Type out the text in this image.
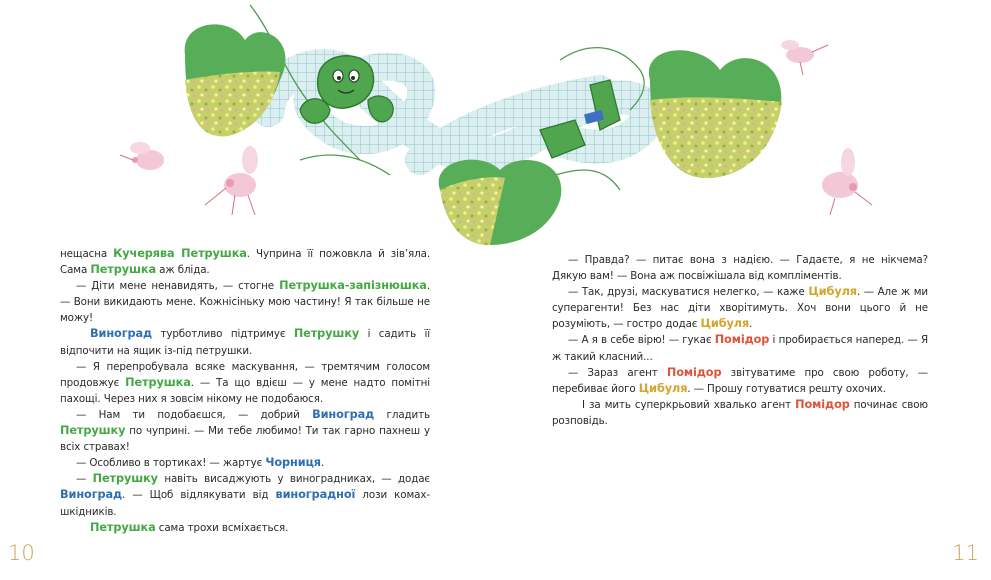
нещасна Кучерява Петрушка. Чуприна її пожовкла й зів’яла. Сама Петрушка аж бліда.

— Діти мене ненавидять, — стогне Петрушка-запізнюшка. — Вони викидають мене. Кожнісіньку мою частину! Я так більше не можу!

Виноград турботливо підтримує Петрушку і садить її відпочити на ящик із-під петрушки.

— Я перепробувала всяке маскування, — тремтячим голосом продовжує Петрушка. — Та що вдієш — у мене надто помітні пахощі. Через них я зовсім нікому не подобаюся.

— Нам ти подобаєшся, — добрий Виноград гладить Петрушку по чуприні. — Ми тебе любимо! Ти так гарно пахнеш у всіх стравах!

— Особливо в тортиках! — жартує Чорниця.

— Петрушку навіть висаджують у виноградниках, — додає Виноград. — Щоб відлякувати від виноградної лози комах-шкідників.

Петрушка сама трохи всміхається.

— Правда? — питає вона з надією. — Гадаєте, я не нікчема? Дякую вам! — Вона аж посвіжішала від компліментів.

— Так, друзі, маскуватися нелегко, — каже Цибуля. — Але ж ми суперагенти! Без нас діти хворітимуть. Хоч вони цього й не розуміють, — гостро додає Цибуля.

— А я в себе вірю! — гукає Помідор і пробирається наперед. — Я ж такий класний...

— Зараз агент Помідор звітуватиме про свою роботу, — перебиває його Цибуля. — Прошу готуватися решту охочих.

І за мить суперкрьовий хвалько агент Помідор починає свою розповідь.

10	11
